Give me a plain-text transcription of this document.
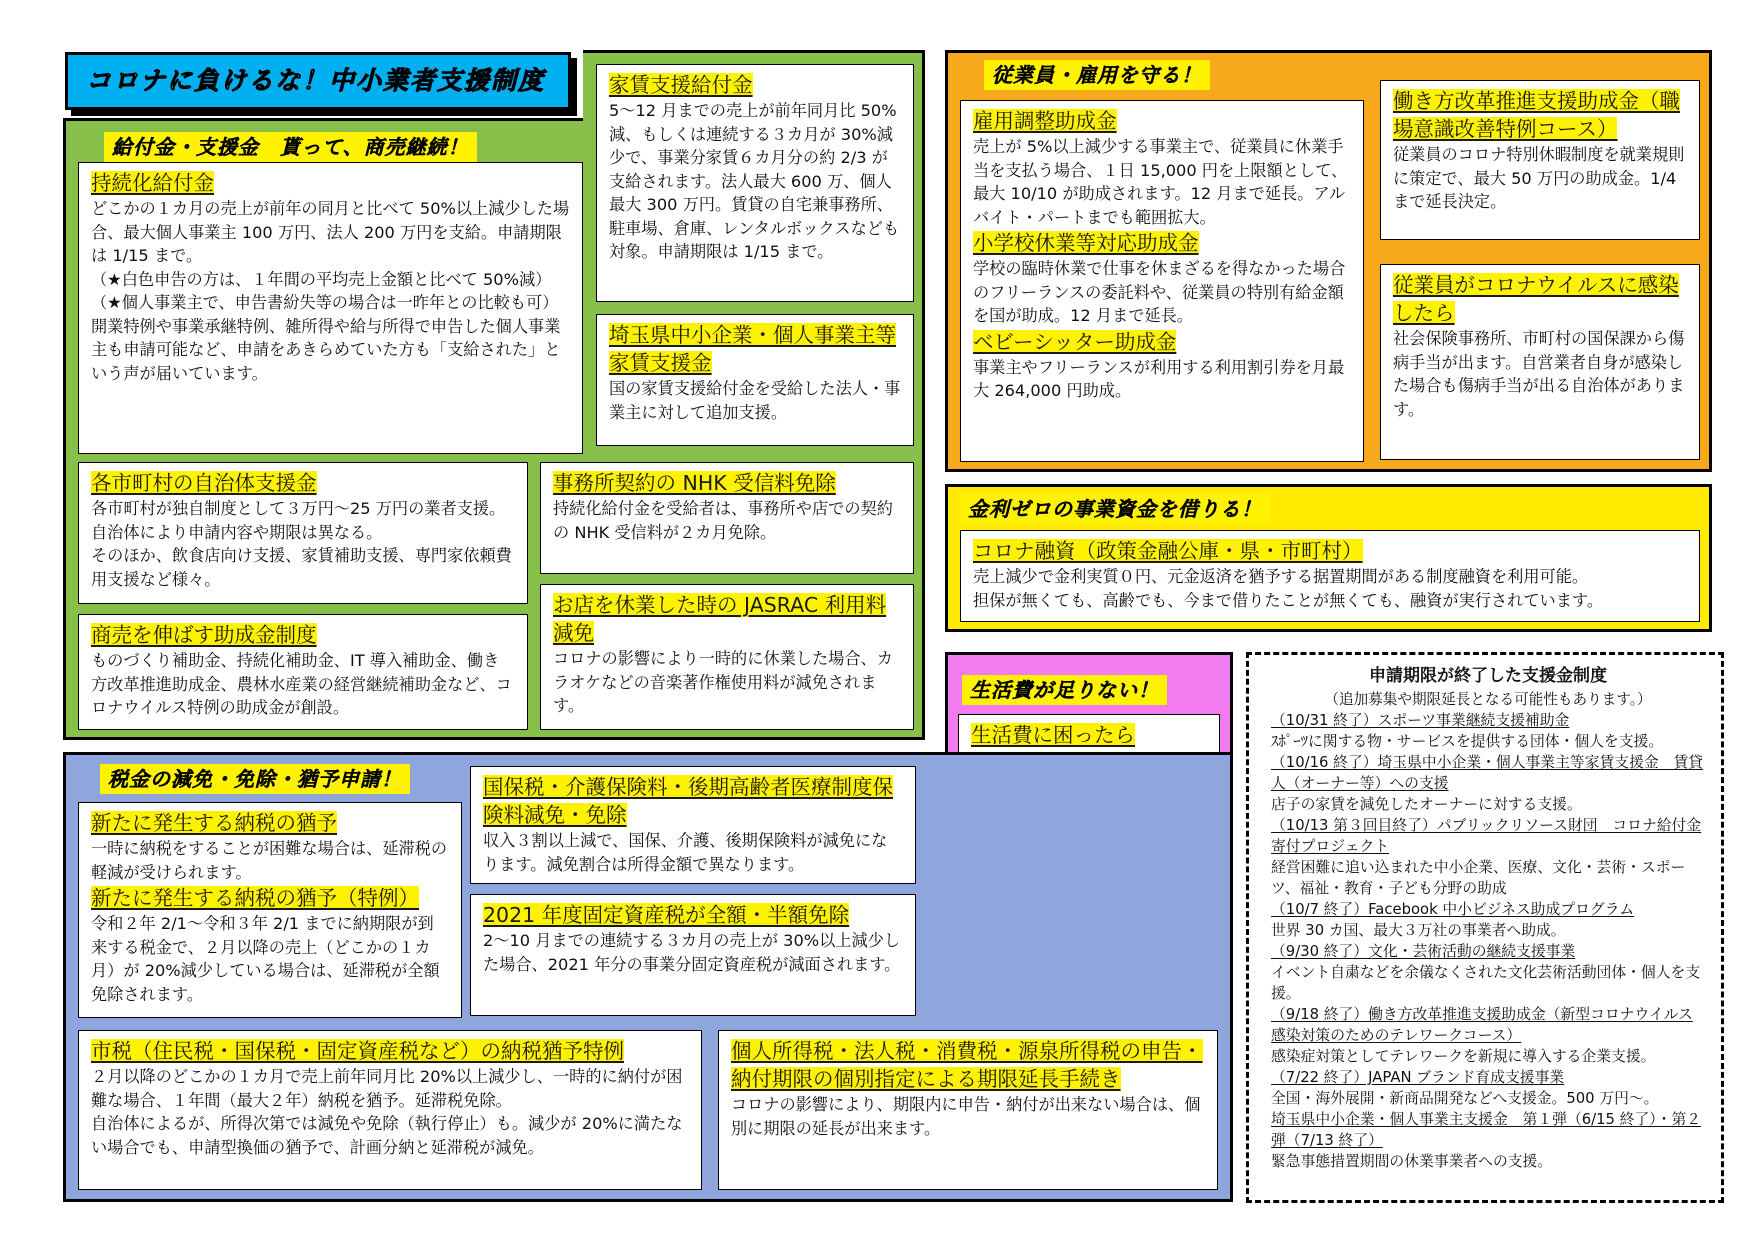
コロナに負けるな！中小業者支援制度
給付金・支援金　貰って、商売継続！
持続化給付金
どこかの１カ月の売上が前年の同月と比べて 50%以上減少した場合、最大個人事業主 100 万円、法人 200 万円を支給。申請期限は 1/15 まで。
（★白色申告の方は、１年間の平均売上金額と比べて 50%減）
（★個人事業主で、申告書紛失等の場合は一昨年との比較も可）
開業特例や事業承継特例、雑所得や給与所得で申告した個人事業主も申請可能など、申請をあきらめていた方も「支給された」という声が届いています。
家賃支援給付金
5～12 月までの売上が前年同月比 50%減、もしくは連続する３カ月が 30%減少で、事業分家賃６カ月分の約 2/3 が支給されます。法人最大 600 万、個人最大 300 万円。賃貸の自宅兼事務所、駐車場、倉庫、レンタルボックスなども対象。申請期限は 1/15 まで。
埼玉県中小企業・個人事業主等家賃支援金
国の家賃支援給付金を受給した法人・事業主に対して追加支援。
各市町村の自治体支援金
各市町村が独自制度として３万円～25 万円の業者支援。自治体により申請内容や期限は異なる。
そのほか、飲食店向け支援、家賃補助支援、専門家依頼費用支援など様々。
事務所契約の NHK 受信料免除
持続化給付金を受給者は、事務所や店での契約の NHK 受信料が２カ月免除。
商売を伸ばす助成金制度
ものづくり補助金、持続化補助金、IT 導入補助金、働き方改革推進助成金、農林水産業の経営継続補助金など、コロナウイルス特例の助成金が創設。
お店を休業した時の JASRAC 利用料減免
コロナの影響により一時的に休業した場合、カラオケなどの音楽著作権使用料が減免されます。
従業員・雇用を守る！
雇用調整助成金
売上が 5%以上減少する事業主で、従業員に休業手当を支払う場合、１日 15,000 円を上限額として、最大 10/10 が助成されます。12 月まで延長。アルバイト・パートまでも範囲拡大。
小学校休業等対応助成金
学校の臨時休業で仕事を休まざるを得なかった場合のフリーランスの委託料や、従業員の特別有給金額を国が助成。12 月まで延長。
ベビーシッター助成金
事業主やフリーランスが利用する利用割引券を月最大 264,000 円助成。
働き方改革推進支援助成金（職場意識改善特例コース）
従業員のコロナ特別休暇制度を就業規則に策定で、最大 50 万円の助成金。1/4 まで延長決定。
従業員がコロナウイルスに感染したら
社会保険事務所、市町村の国保課から傷病手当が出ます。自営業者自身が感染した場合も傷病手当が出る自治体があります。
金利ゼロの事業資金を借りる！
コロナ融資（政策金融公庫・県・市町村）
売上減少で金利実質０円、元金返済を猶予する据置期間がある制度融資を利用可能。
担保が無くても、高齢でも、今まで借りたことが無くても、融資が実行されています。
生活費が足りない！
生活費に困ったら
税金の減免・免除・猶予申請！
新たに発生する納税の猶予
一時に納税をすることが困難な場合は、延滞税の軽減が受けられます。
新たに発生する納税の猶予（特例）
令和２年 2/1～令和３年 2/1 までに納期限が到来する税金で、２月以降の売上（どこかの１カ月）が 20%減少している場合は、延滞税が全額免除されます。
国保税・介護保険料・後期高齢者医療制度保険料減免・免除
収入３割以上減で、国保、介護、後期保険料が減免になります。減免割合は所得金額で異なります。
2021 年度固定資産税が全額・半額免除
2～10 月までの連続する３カ月の売上が 30%以上減少した場合、2021 年分の事業分固定資産税が減面されます。
市税（住民税・国保税・固定資産税など）の納税猶予特例
２月以降のどこかの１カ月で売上前年同月比 20%以上減少し、一時的に納付が困難な場合、１年間（最大２年）納税を猶予。延滞税免除。
自治体によるが、所得次第では減免や免除（執行停止）も。減少が 20%に満たない場合でも、申請型換価の猶予で、計画分納と延滞税が減免。
個人所得税・法人税・消費税・源泉所得税の申告・納付期限の個別指定による期限延長手続き
コロナの影響により、期限内に申告・納付が出来ない場合は、個別に期限の延長が出来ます。
申請期限が終了した支援金制度
（追加募集や期限延長となる可能性もあります。）
（10/31 終了）スポーツ事業継続支援補助金
ｽﾎﾟｰﾂに関する物・サービスを提供する団体・個人を支援。
（10/16 終了）埼玉県中小企業・個人事業主等家賃支援金　賃貸人（オーナー等）への支援
店子の家賃を減免したオーナーに対する支援。
（10/13 第３回目終了）パブリックリソース財団　コロナ給付金寄付プロジェクト
経営困難に追い込まれた中小企業、医療、文化・芸術・スポーツ、福祉・教育・子ども分野の助成
（10/7 終了）Facebook 中小ビジネス助成プログラム
世界 30 カ国、最大３万社の事業者へ助成。
（9/30 終了）文化・芸術活動の継続支援事業
イベント自粛などを余儀なくされた文化芸術活動団体・個人を支援。
（9/18 終了）働き方改革推進支援助成金（新型コロナウイルス感染対策のためのテレワークコース）
感染症対策としてテレワークを新規に導入する企業支援。
（7/22 終了）JAPAN ブランド育成支援事業
全国・海外展開・新商品開発などへ支援金。500 万円～。
埼玉県中小企業・個人事業主支援金　第１弾（6/15 終了）・第２弾（7/13 終了）
緊急事態措置期間の休業事業者への支援。
